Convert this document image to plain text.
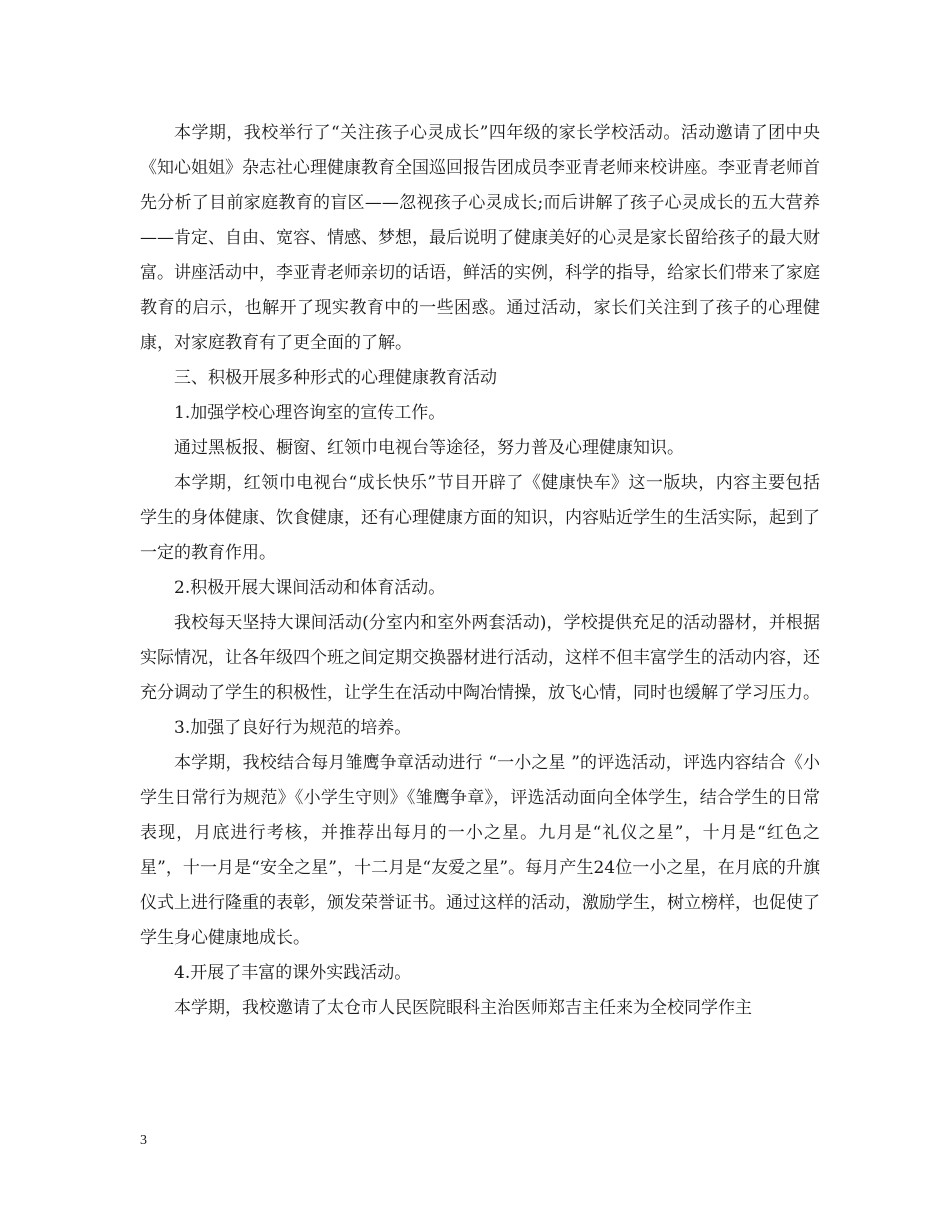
本学期，我校举行了“关注孩子心灵成长”四年级的家长学校活动。活动邀请了团中央《知心姐姐》杂志社心理健康教育全国巡回报告团成员李亚青老师来校讲座。李亚青老师首先分析了目前家庭教育的盲区——忽视孩子心灵成长;而后讲解了孩子心灵成长的五大营养——肯定、自由、宽容、情感、梦想，最后说明了健康美好的心灵是家长留给孩子的最大财富。讲座活动中，李亚青老师亲切的话语，鲜活的实例，科学的指导，给家长们带来了家庭教育的启示，也解开了现实教育中的一些困惑。通过活动，家长们关注到了孩子的心理健康，对家庭教育有了更全面的了解。

三、积极开展多种形式的心理健康教育活动

1.加强学校心理咨询室的宣传工作。

通过黑板报、橱窗、红领巾电视台等途径，努力普及心理健康知识。

本学期，红领巾电视台“成长快乐”节目开辟了《健康快车》这一版块，内容主要包括学生的身体健康、饮食健康，还有心理健康方面的知识，内容贴近学生的生活实际，起到了一定的教育作用。

2.积极开展大课间活动和体育活动。

我校每天坚持大课间活动(分室内和室外两套活动)，学校提供充足的活动器材，并根据实际情况，让各年级四个班之间定期交换器材进行活动，这样不但丰富学生的活动内容，还充分调动了学生的积极性，让学生在活动中陶冶情操，放飞心情，同时也缓解了学习压力。

3.加强了良好行为规范的培养。

本学期，我校结合每月雏鹰争章活动进行 “一小之星 ”的评选活动，评选内容结合《小学生日常行为规范》《小学生守则》《雏鹰争章》，评选活动面向全体学生，结合学生的日常表现，月底进行考核，并推荐出每月的一小之星。九月是“礼仪之星”，十月是“红色之星”，十一月是“安全之星”，十二月是“友爱之星”。每月产生24位一小之星，在月底的升旗仪式上进行隆重的表彰，颁发荣誉证书。通过这样的活动，激励学生，树立榜样，也促使了学生身心健康地成长。

4.开展了丰富的课外实践活动。

本学期，我校邀请了太仓市人民医院眼科主治医师郑吉主任来为全校同学作主

3
